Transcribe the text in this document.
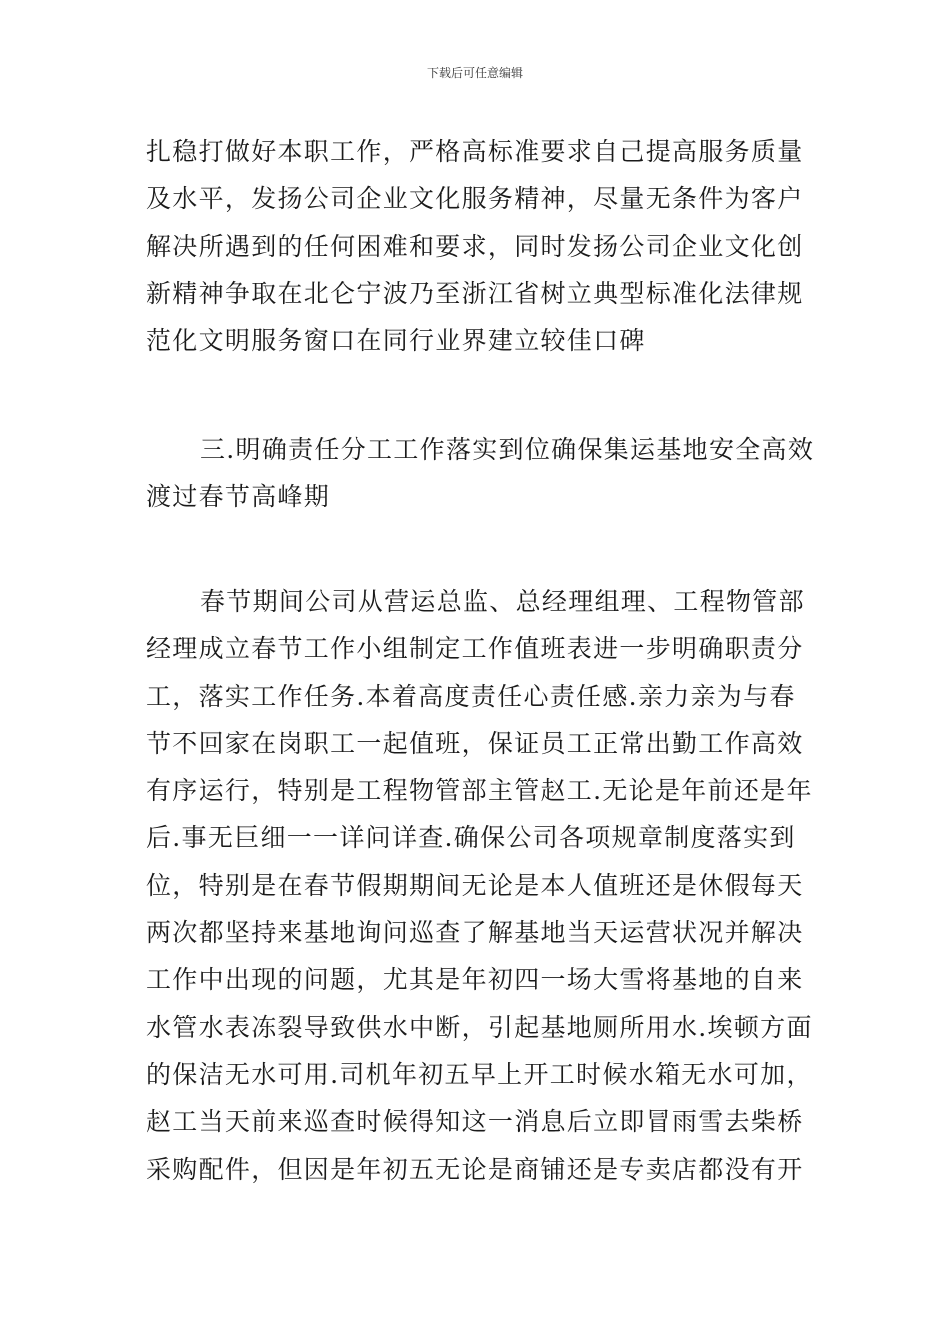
下载后可任意编辑
扎稳打做好本职工作，严格高标准要求自己提高服务质量
及水平，发扬公司企业文化服务精神，尽量无条件为客户
解决所遇到的任何困难和要求，同时发扬公司企业文化创
新精神争取在北仑宁波乃至浙江省树立典型标准化法律规
范化文明服务窗口在同行业界建立较佳口碑
三.明确责任分工工作落实到位确保集运基地安全高效
渡过春节高峰期
春节期间公司从营运总监、总经理组理、工程物管部
经理成立春节工作小组制定工作值班表进一步明确职责分
工，落实工作任务.本着高度责任心责任感.亲力亲为与春
节不回家在岗职工一起值班，保证员工正常出勤工作高效
有序运行，特别是工程物管部主管赵工.无论是年前还是年
后.事无巨细一一详问详查.确保公司各项规章制度落实到
位，特别是在春节假期期间无论是本人值班还是休假每天
两次都坚持来基地询问巡查了解基地当天运营状况并解决
工作中出现的问题，尤其是年初四一场大雪将基地的自来
水管水表冻裂导致供水中断，引起基地厕所用水.埃顿方面
的保洁无水可用.司机年初五早上开工时候水箱无水可加，
赵工当天前来巡查时候得知这一消息后立即冒雨雪去柴桥
采购配件，但因是年初五无论是商铺还是专卖店都没有开
